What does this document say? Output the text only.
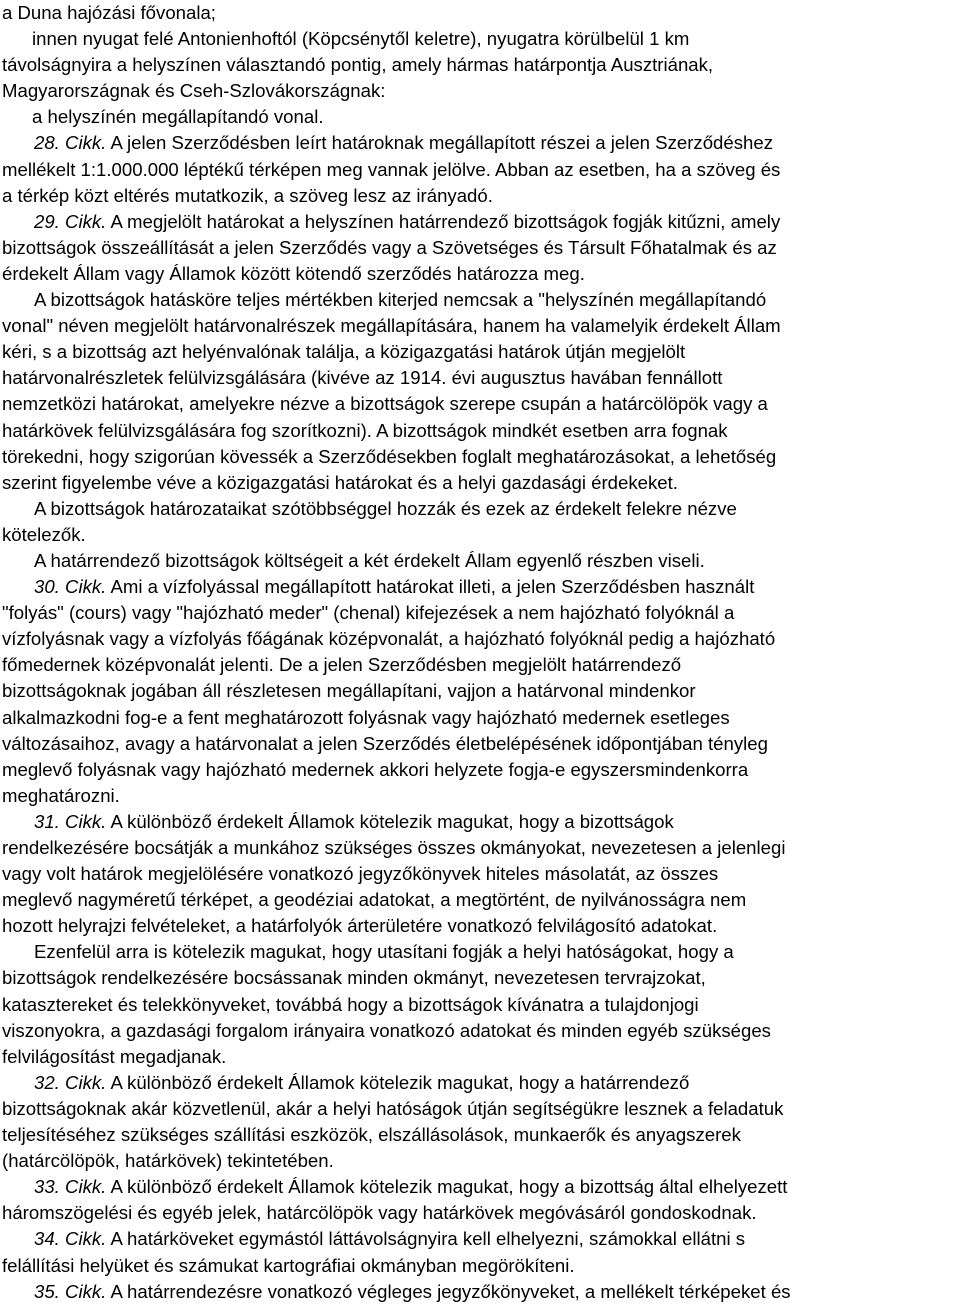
a Duna hajózási fővonala;
innen nyugat felé Antonienhoftól (Köpcsénytől keletre), nyugatra körülbelül 1 km
távolságnyira a helyszínen választandó pontig, amely hármas határpontja Ausztriának,
Magyarországnak és Cseh-Szlovákországnak:
a helyszínén megállapítandó vonal.
28. Cikk. A jelen Szerződésben leírt határoknak megállapított részei a jelen Szerződéshez
mellékelt 1:1.000.000 léptékű térképen meg vannak jelölve. Abban az esetben, ha a szöveg és
a térkép közt eltérés mutatkozik, a szöveg lesz az irányadó.
29. Cikk. A megjelölt határokat a helyszínen határrendező bizottságok fogják kitűzni, amely
bizottságok összeállítását a jelen Szerződés vagy a Szövetséges és Társult Főhatalmak és az
érdekelt Állam vagy Államok között kötendő szerződés határozza meg.
A bizottságok hatásköre teljes mértékben kiterjed nemcsak a "helyszínén megállapítandó
vonal" néven megjelölt határvonalrészek megállapítására, hanem ha valamelyik érdekelt Állam
kéri, s a bizottság azt helyénvalónak találja, a közigazgatási határok útján megjelölt
határvonalrészletek felülvizsgálására (kivéve az 1914. évi augusztus havában fennállott
nemzetközi határokat, amelyekre nézve a bizottságok szerepe csupán a határcölöpök vagy a
határkövek felülvizsgálására fog szorítkozni). A bizottságok mindkét esetben arra fognak
törekedni, hogy szigorúan kövessék a Szerződésekben foglalt meghatározásokat, a lehetőség
szerint figyelembe véve a közigazgatási határokat és a helyi gazdasági érdekeket.
A bizottságok határozataikat szótöbbséggel hozzák és ezek az érdekelt felekre nézve
kötelezők.
A határrendező bizottságok költségeit a két érdekelt Állam egyenlő részben viseli.
30. Cikk. Ami a vízfolyással megállapított határokat illeti, a jelen Szerződésben használt
"folyás" (cours) vagy "hajózható meder" (chenal) kifejezések a nem hajózható folyóknál a
vízfolyásnak vagy a vízfolyás főágának középvonalát, a hajózható folyóknál pedig a hajózható
főmedernek középvonalát jelenti. De a jelen Szerződésben megjelölt határrendező
bizottságoknak jogában áll részletesen megállapítani, vajjon a határvonal mindenkor
alkalmazkodni fog-e a fent meghatározott folyásnak vagy hajózható medernek esetleges
változásaihoz, avagy a határvonalat a jelen Szerződés életbelépésének időpontjában tényleg
meglevő folyásnak vagy hajózható medernek akkori helyzete fogja-e egyszersmindenkorra
meghatározni.
31. Cikk. A különböző érdekelt Államok kötelezik magukat, hogy a bizottságok
rendelkezésére bocsátják a munkához szükséges összes okmányokat, nevezetesen a jelenlegi
vagy volt határok megjelölésére vonatkozó jegyzőkönyvek hiteles másolatát, az összes
meglevő nagyméretű térképet, a geodéziai adatokat, a megtörtént, de nyilvánosságra nem
hozott helyrajzi felvételeket, a határfolyók árterületére vonatkozó felvilágosító adatokat.
Ezenfelül arra is kötelezik magukat, hogy utasítani fogják a helyi hatóságokat, hogy a
bizottságok rendelkezésére bocsássanak minden okmányt, nevezetesen tervrajzokat,
katasztereket és telekkönyveket, továbbá hogy a bizottságok kívánatra a tulajdonjogi
viszonyokra, a gazdasági forgalom irányaira vonatkozó adatokat és minden egyéb szükséges
felvilágosítást megadjanak.
32. Cikk. A különböző érdekelt Államok kötelezik magukat, hogy a határrendező
bizottságoknak akár közvetlenül, akár a helyi hatóságok útján segítségükre lesznek a feladatuk
teljesítéséhez szükséges szállítási eszközök, elszállásolások, munkaerők és anyagszerek
(határcölöpök, határkövek) tekintetében.
33. Cikk. A különböző érdekelt Államok kötelezik magukat, hogy a bizottság által elhelyezett
háromszögelési és egyéb jelek, határcölöpök vagy határkövek megóvásáról gondoskodnak.
34. Cikk. A határköveket egymástól láttávolságnyira kell elhelyezni, számokkal ellátni s
felállítási helyüket és számukat kartográfiai okmányban megörökíteni.
35. Cikk. A határrendezésre vonatkozó végleges jegyzőkönyveket, a mellékelt térképeket és
